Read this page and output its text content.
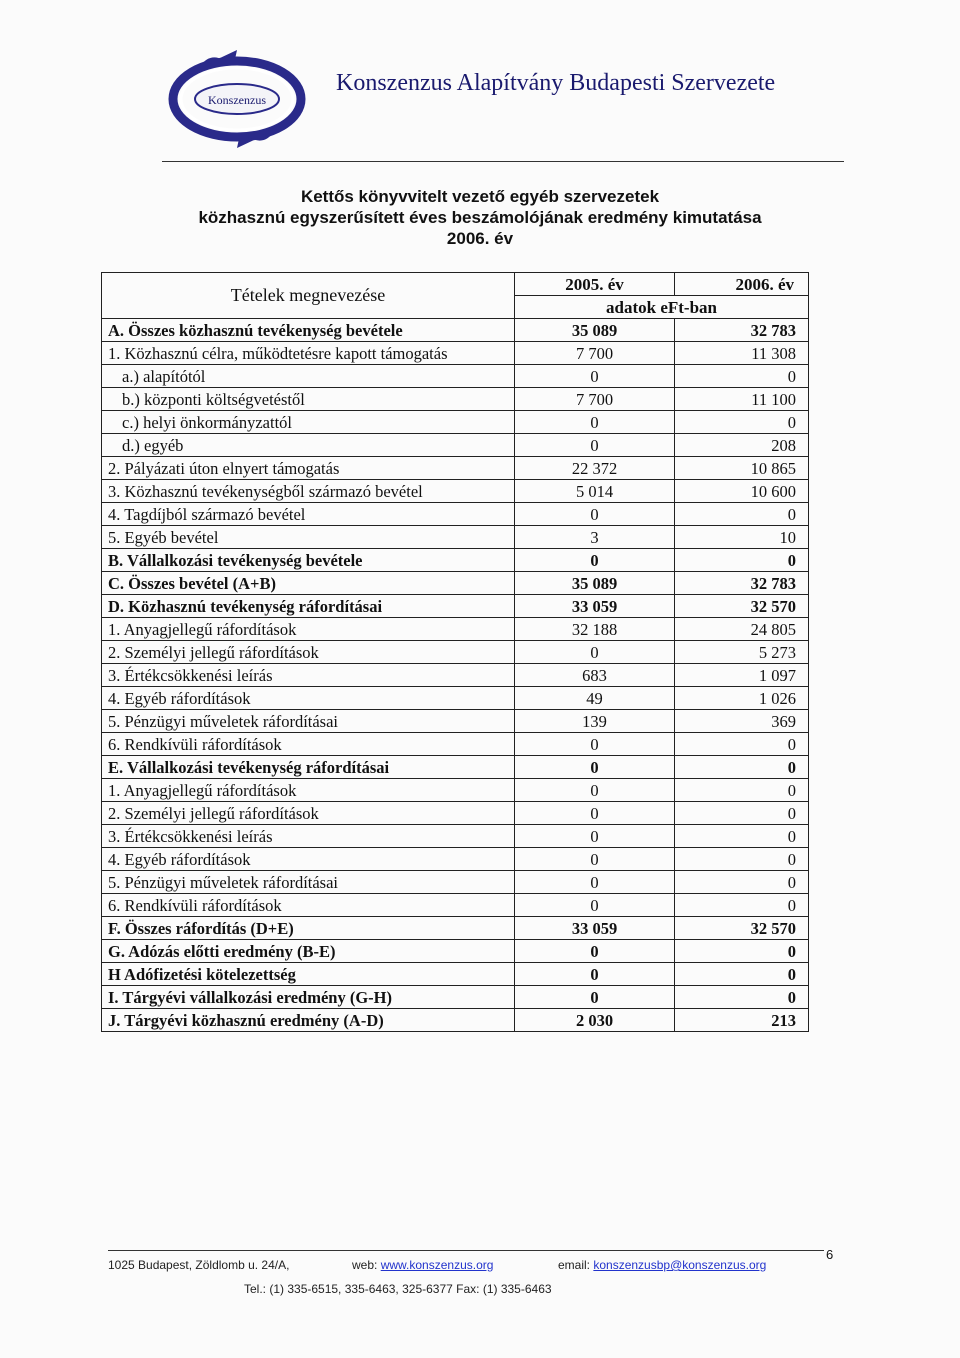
Konszenzus
Konszenzus Alapítvány Budapesti Szervezete
Kettős könyvvitelt vezető egyéb szervezetek
közhasznú egyszerűsített éves beszámolójának eredmény kimutatása
2006. év
Tételek megnevezése	2005. év	2006. év
	adatok eFt-ban	
A. Összes közhasznú tevékenység bevétele	35 089	32 783
1. Közhasznú célra, működtetésre kapott támogatás	7 700	11 308
a.) alapítótól	0	0
b.) központi költségvetéstől	7 700	11 100
c.) helyi önkormányzattól	0	0
d.) egyéb	0	208
2. Pályázati úton elnyert támogatás	22 372	10 865
3. Közhasznú tevékenységből származó bevétel	5 014	10 600
4. Tagdíjból származó bevétel	0	0
5. Egyéb bevétel	3	10
B. Vállalkozási tevékenység bevétele	0	0
C. Összes bevétel (A+B)	35 089	32 783
D. Közhasznú tevékenység ráfordításai	33 059	32 570
1. Anyagjellegű ráfordítások	32 188	24 805
2. Személyi jellegű ráfordítások	0	5 273
3. Értékcsökkenési leírás	683	1 097
4. Egyéb ráfordítások	49	1 026
5. Pénzügyi műveletek ráfordításai	139	369
6. Rendkívüli ráfordítások	0	0
E. Vállalkozási tevékenység ráfordításai	0	0
1. Anyagjellegű ráfordítások	0	0
2. Személyi jellegű ráfordítások	0	0
3. Értékcsökkenési leírás	0	0
4. Egyéb ráfordítások	0	0
5. Pénzügyi műveletek ráfordításai	0	0
6. Rendkívüli ráfordítások	0	0
F. Összes ráfordítás (D+E)	33 059	32 570
G. Adózás előtti eredmény (B-E)	0	0
H Adófizetési kötelezettség	0	0
I. Tárgyévi vállalkozási eredmény (G-H)	0	0
J. Tárgyévi közhasznú eredmény (A-D)	2 030	213
1025 Budapest, Zöldlomb u. 24/A,	web: www.konszenzus.org	email: konszenzusbp@konszenzus.org
Tel.: (1) 335-6515, 335-6463, 325-6377 Fax: (1) 335-6463
6
